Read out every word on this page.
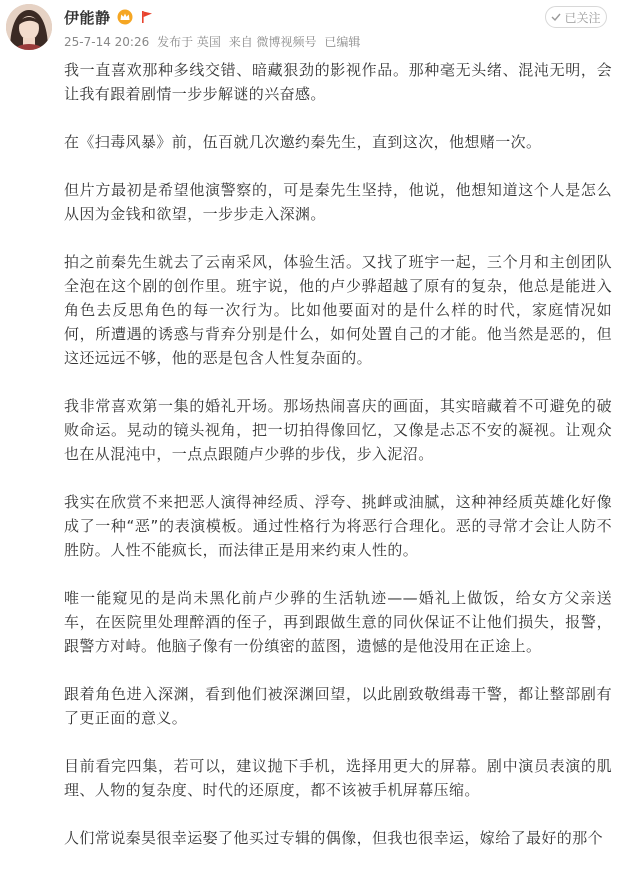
伊能静
25-7-14 20:26 发布于 英国 来自 微博视频号 已编辑
已关注

我一直喜欢那种多线交错、暗藏狠劲的影视作品。那种毫无头绪、混沌无明，会让我有跟着剧情一步步解谜的兴奋感。

在《扫毒风暴》前，伍百就几次邀约秦先生，直到这次，他想赌一次。

但片方最初是希望他演警察的，可是秦先生坚持，他说，他想知道这个人是怎么从因为金钱和欲望，一步步走入深渊。

拍之前秦先生就去了云南采风，体验生活。又找了班宇一起，三个月和主创团队全泡在这个剧的创作里。班宇说，他的卢少骅超越了原有的复杂，他总是能进入角色去反思角色的每一次行为。比如他要面对的是什么样的时代，家庭情况如何，所遭遇的诱惑与背弃分别是什么，如何处置自己的才能。他当然是恶的，但这还远远不够，他的恶是包含人性复杂面的。

我非常喜欢第一集的婚礼开场。那场热闹喜庆的画面，其实暗藏着不可避免的破败命运。晃动的镜头视角，把一切拍得像回忆，又像是忐忑不安的凝视。让观众也在从混沌中，一点点跟随卢少骅的步伐，步入泥沼。

我实在欣赏不来把恶人演得神经质、浮夸、挑衅或油腻，这种神经质英雄化好像成了一种“恶”的表演模板。通过性格行为将恶行合理化。恶的寻常才会让人防不胜防。人性不能疯长，而法律正是用来约束人性的。

唯一能窥见的是尚未黑化前卢少骅的生活轨迹——婚礼上做饭，给女方父亲送车，在医院里处理醉酒的侄子，再到跟做生意的同伙保证不让他们损失，报警，跟警方对峙。他脑子像有一份缜密的蓝图，遗憾的是他没用在正途上。

跟着角色进入深渊，看到他们被深渊回望，以此剧致敬缉毒干警，都让整部剧有了更正面的意义。

目前看完四集，若可以，建议抛下手机，选择用更大的屏幕。剧中演员表演的肌理、人物的复杂度、时代的还原度，都不该被手机屏幕压缩。

人们常说秦昊很幸运娶了他买过专辑的偶像，但我也很幸运，嫁给了最好的那个
